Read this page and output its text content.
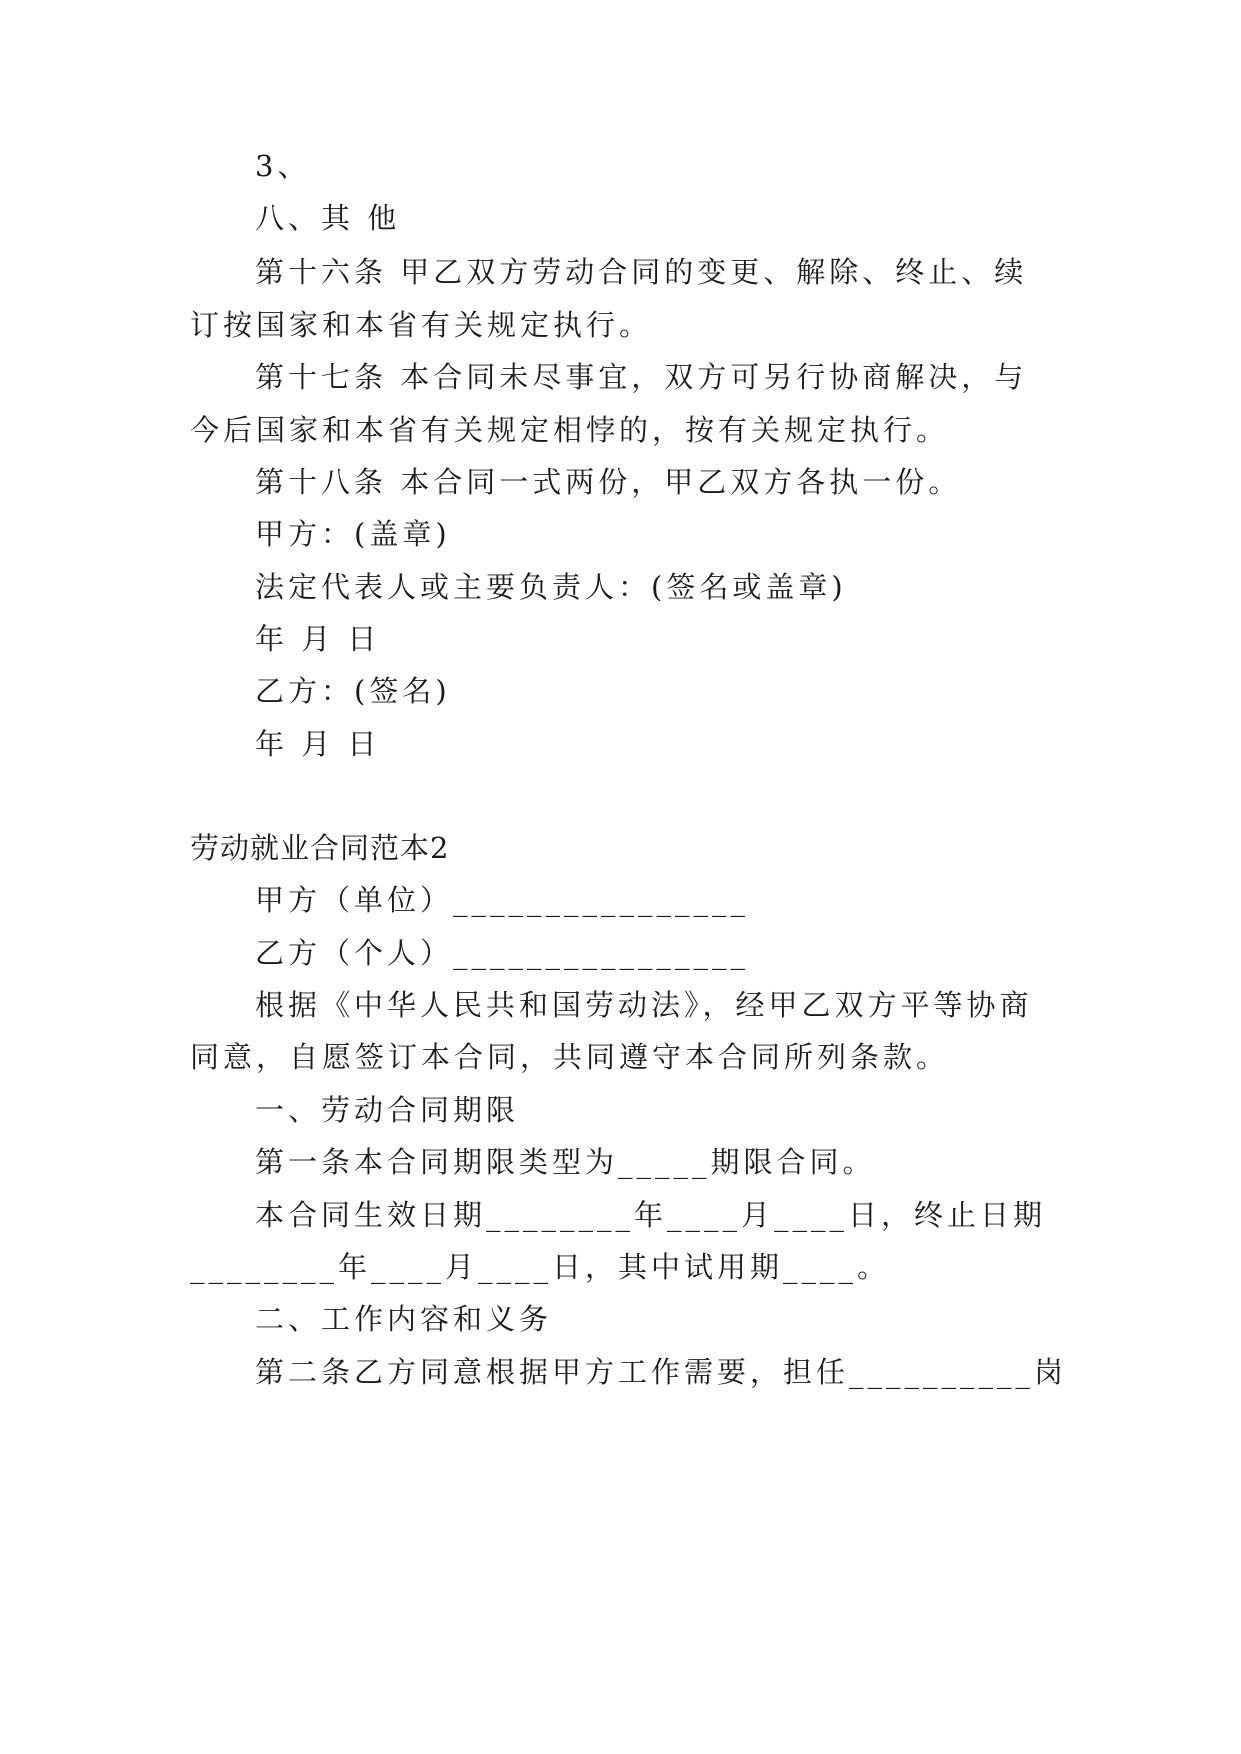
3、
八、其 他
第十六条 甲乙双方劳动合同的变更、解除、终止、续
订按国家和本省有关规定执行。
第十七条 本合同未尽事宜，双方可另行协商解决，与
今后国家和本省有关规定相悖的，按有关规定执行。
第十八条 本合同一式两份，甲乙双方各执一份。
甲方：(盖章)
法定代表人或主要负责人：(签名或盖章)
年 月 日
乙方：(签名)
年 月 日
劳动就业合同范本2
甲方（单位）________________
乙方（个人）________________
根据《中华人民共和国劳动法》，经甲乙双方平等协商
同意，自愿签订本合同，共同遵守本合同所列条款。
一、劳动合同期限
第一条本合同期限类型为_____期限合同。
本合同生效日期________年____月____日，终止日期
________年____月____日，其中试用期____。
二、工作内容和义务
第二条乙方同意根据甲方工作需要，担任__________岗
